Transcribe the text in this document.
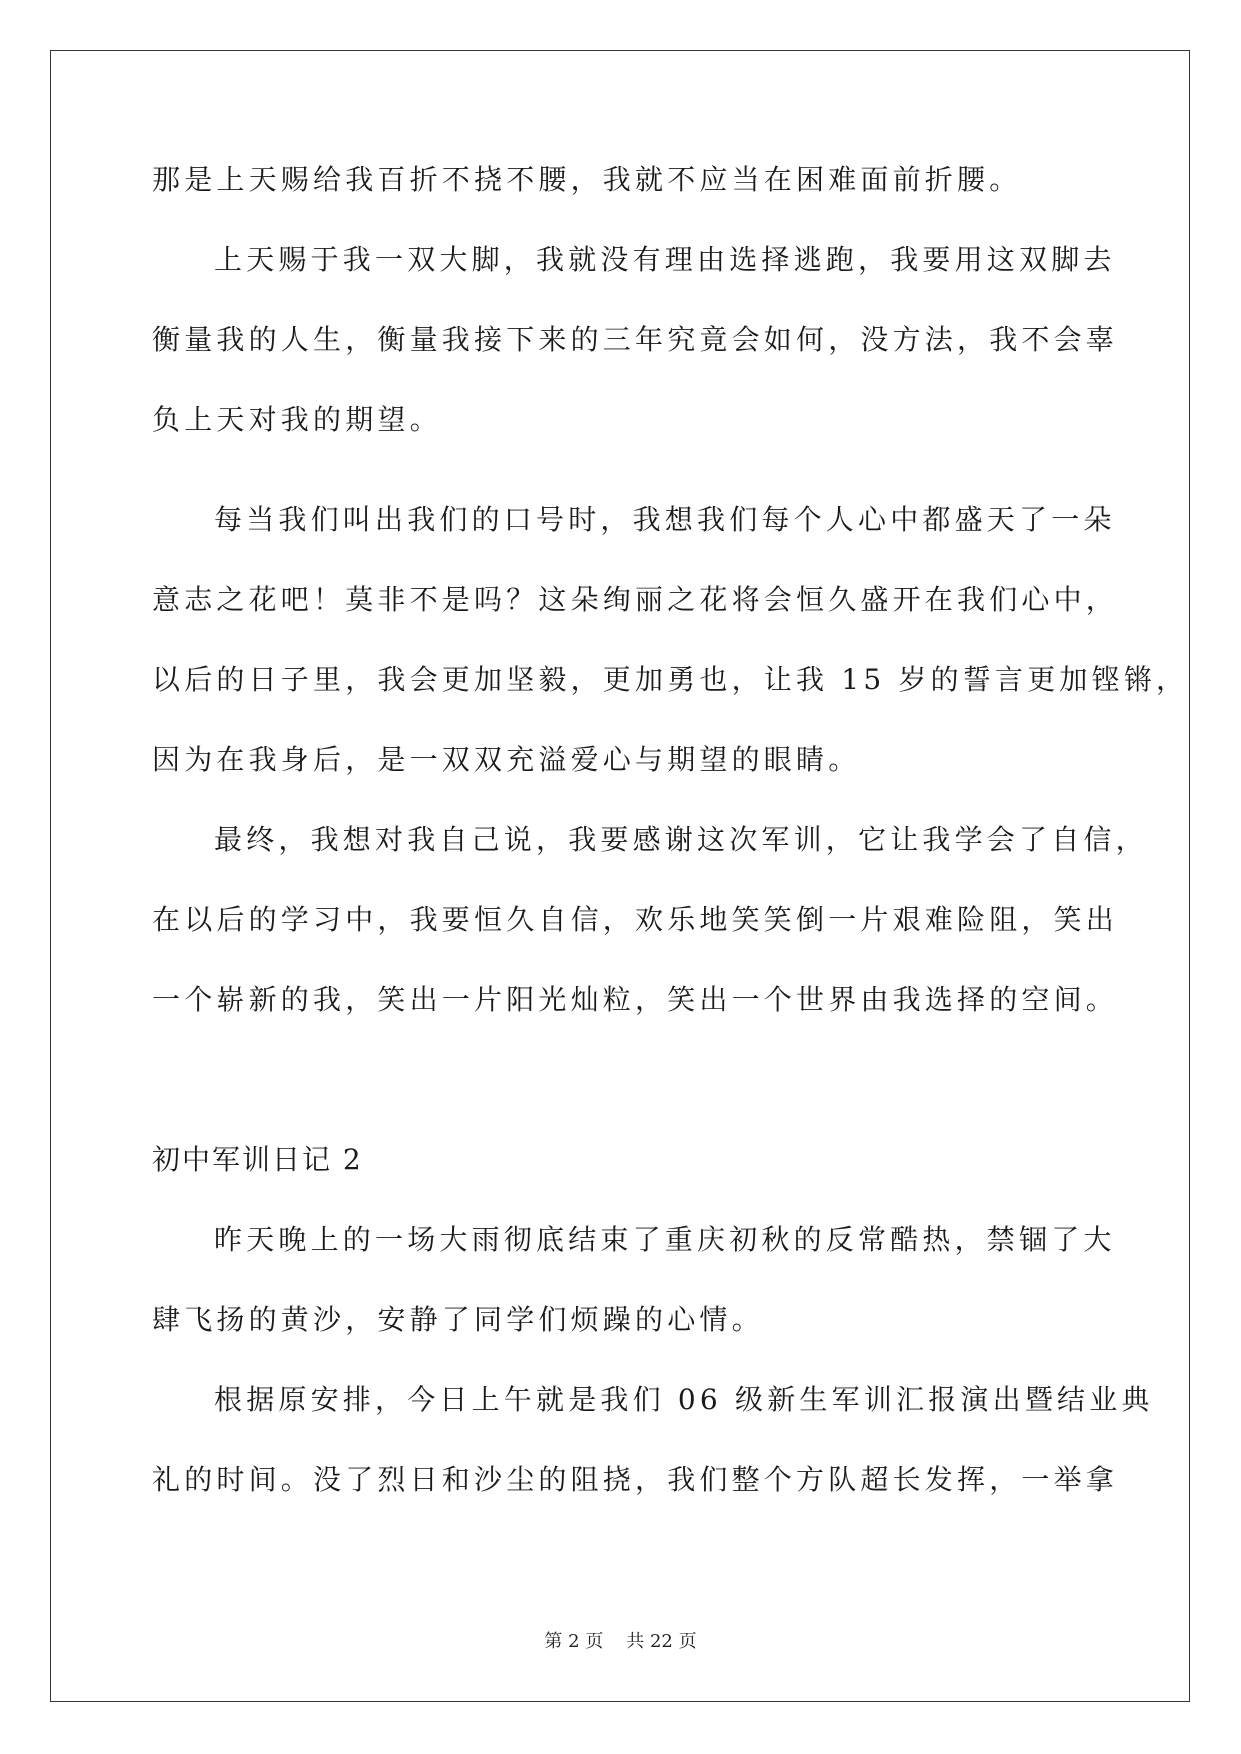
那是上天赐给我百折不挠不腰，我就不应当在困难面前折腰。
上天赐于我一双大脚，我就没有理由选择逃跑，我要用这双脚去
衡量我的人生，衡量我接下来的三年究竟会如何，没方法，我不会辜
负上天对我的期望。
每当我们叫出我们的口号时，我想我们每个人心中都盛天了一朵
意志之花吧！莫非不是吗？这朵绚丽之花将会恒久盛开在我们心中，
以后的日子里，我会更加坚毅，更加勇也，让我 15 岁的誓言更加铿锵，
因为在我身后，是一双双充溢爱心与期望的眼睛。
最终，我想对我自己说，我要感谢这次军训，它让我学会了自信，
在以后的学习中，我要恒久自信，欢乐地笑笑倒一片艰难险阻，笑出
一个崭新的我，笑出一片阳光灿粒，笑出一个世界由我选择的空间。
初中军训日记 2
昨天晚上的一场大雨彻底结束了重庆初秋的反常酷热，禁锢了大
肆飞扬的黄沙，安静了同学们烦躁的心情。
根据原安排，今日上午就是我们 06 级新生军训汇报演出暨结业典
礼的时间。没了烈日和沙尘的阻挠，我们整个方队超长发挥，一举拿
第 2 页 共 22 页
